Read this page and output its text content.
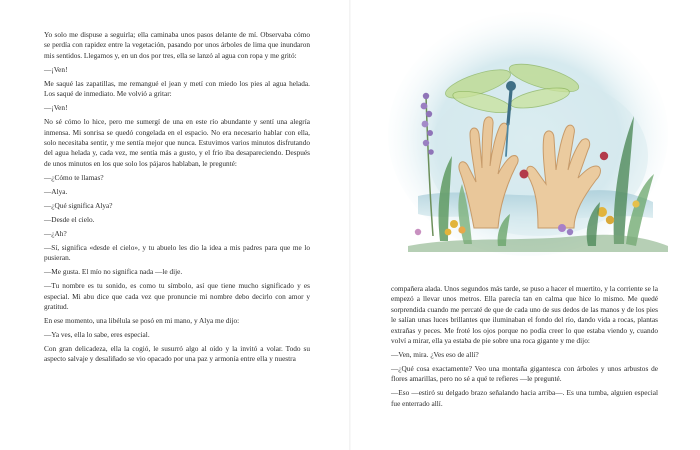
Yo solo me dispuse a seguirla; ella caminaba unos pasos delante de mí. Observaba cómo se perdía con rapidez entre la vegetación, pasando por unos árboles de lima que inundaron mis sentidos. Llegamos y, en un dos por tres, ella se lanzó al agua con ropa y me gritó:

—¡Ven!

Me saqué las zapatillas, me remangué el jean y metí con miedo los pies al agua helada. Los saqué de inmediato. Me volvió a gritar:

—¡Ven!

No sé cómo lo hice, pero me sumergí de una en este río abundante y sentí una alegría inmensa. Mi sonrisa se quedó congelada en el espacio. No era necesario hablar con ella, solo necesitaba sentir, y me sentía mejor que nunca. Estuvimos varios minutos disfrutando del agua helada y, cada vez, me sentía más a gusto, y el frío iba desapareciendo. Después de unos minutos en los que solo los pájaros hablaban, le pregunté:

—¿Cómo te llamas?

—Alya.

—¿Qué significa Alya?

—Desde el cielo.

—¿Ah?

—Sí, significa «desde el cielo», y tu abuelo les dio la idea a mis padres para que me lo pusieran.

—Me gusta. El mío no significa nada —le dije.

—Tu nombre es tu sonido, es como tu símbolo, así que tiene mucho significado y es especial. Mi abu dice que cada vez que pronuncie mi nombre debo decirlo con amor y gratitud.

En ese momento, una libélula se posó en mi mano, y Alya me dijo:

—Ya ves, ella lo sabe, eres especial.

Con gran delicadeza, ella la cogió, le susurró algo al oído y la invitó a volar. Todo su aspecto salvaje y desaliñado se vio opacado por una paz y armonía entre ella y nuestra

compañera alada. Unos segundos más tarde, se puso a hacer el muertito, y la corriente se la empezó a llevar unos metros. Ella parecía tan en calma que hice lo mismo. Me quedé sorprendida cuando me percaté de que de cada uno de sus dedos de las manos y de los pies le salían unas luces brillantes que iluminaban el fondo del río, dando vida a rocas, plantas extrañas y peces. Me froté los ojos porque no podía creer lo que estaba viendo y, cuando volví a mirar, ella ya estaba de pie sobre una roca gigante y me dijo:

—Ven, mira. ¿Ves eso de allí?

—¿Qué cosa exactamente? Veo una montaña gigantesca con árboles y unos arbustos de flores amarillas, pero no sé a qué te refieres —le pregunté.

—Eso —estiró su delgado brazo señalando hacia arriba—. Es una tumba, alguien especial fue enterrado allí.
